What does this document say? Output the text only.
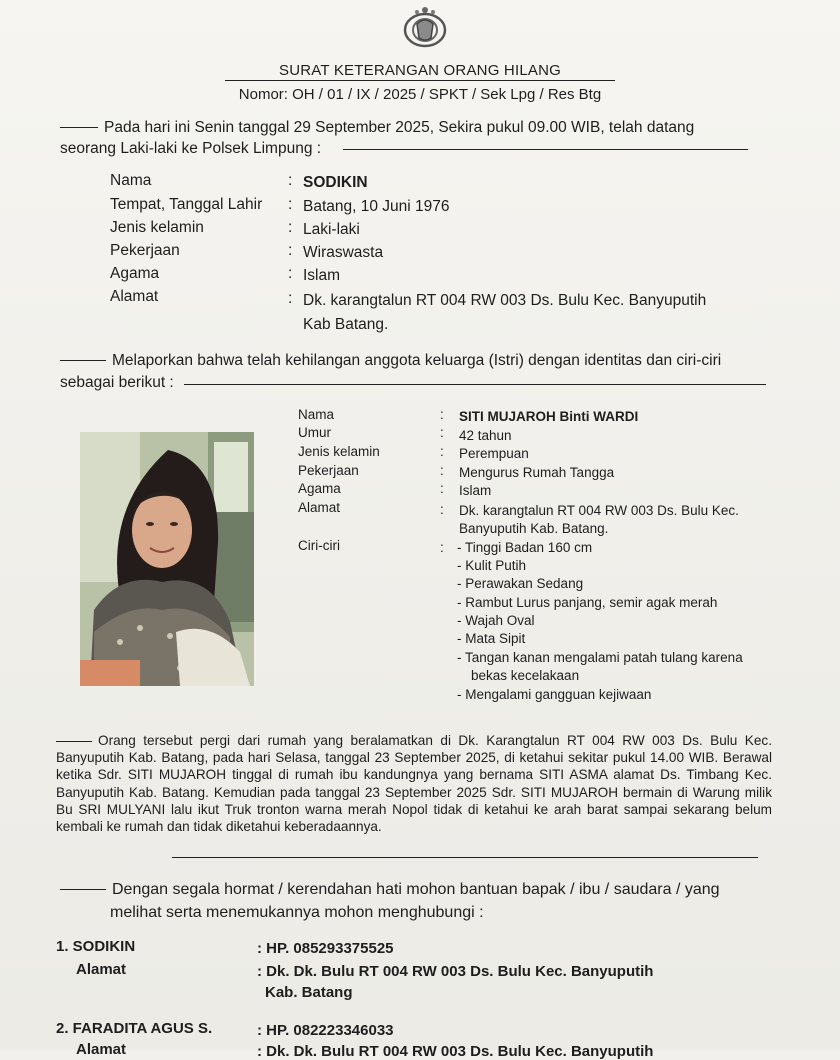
SURAT KETERANGAN ORANG HILANG
Nomor: OH / 01 / IX / 2025 / SPKT / Sek Lpg / Res Btg
Pada hari ini Senin tanggal 29 September 2025, Sekira pukul 09.00 WIB, telah datang
seorang Laki-laki ke Polsek Limpung :
Nama	: SODIKIN
Tempat, Tanggal Lahir : Batang, 10 Juni 1976
Jenis kelamin	: Laki-laki
Pekerjaan	: Wiraswasta
Agama	: Islam
Alamat	: Dk. karangtalun RT 004 RW 003 Ds. Bulu Kec. Banyuputih
Kab Batang.
Melaporkan bahwa telah kehilangan anggota keluarga (Istri) dengan identitas dan ciri-ciri
sebagai berikut :
Nama	: SITI MUJAROH Binti WARDI
Umur	: 42 tahun
Jenis kelamin	: Perempuan
Pekerjaan	: Mengurus Rumah Tangga
Agama	: Islam
Alamat	: Dk. karangtalun RT 004 RW 003 Ds. Bulu Kec.
Banyuputih Kab. Batang.
Ciri-ciri	: - Tinggi Badan 160 cm
- Kulit Putih
- Perawakan Sedang
- Rambut Lurus panjang, semir agak merah
- Wajah Oval
- Mata Sipit
- Tangan kanan mengalami patah tulang karena
bekas kecelakaan
- Mengalami gangguan kejiwaan

Orang tersebut pergi dari rumah yang beralamatkan di Dk. Karangtalun RT 004 RW 003 Ds. Bulu Kec. Banyuputih Kab. Batang, pada hari Selasa, tanggal 23 September 2025, di ketahui sekitar pukul 14.00 WIB. Berawal ketika Sdr. SITI MUJAROH tinggal di rumah ibu kandungnya yang bernama SITI ASMA alamat Ds. Timbang Kec. Banyuputih Kab. Batang. Kemudian pada tanggal 23 September 2025 Sdr. SITI MUJAROH bermain di Warung milik Bu SRI MULYANI lalu ikut Truk tronton warna merah Nopol tidak di ketahui ke arah barat sampai sekarang belum kembali ke rumah dan tidak diketahui keberadaannya.

Dengan segala hormat / kerendahan hati mohon bantuan bapak / ibu / saudara / yang
melihat serta menemukannya mohon menghubungi :
1. SODIKIN	: HP. 085293375525
Alamat	: Dk. Dk. Bulu RT 004 RW 003 Ds. Bulu Kec. Banyuputih
Kab. Batang
2. FARADITA AGUS S.	: HP. 082223346033
Alamat	: Dk. Dk. Bulu RT 004 RW 003 Ds. Bulu Kec. Banyuputih
